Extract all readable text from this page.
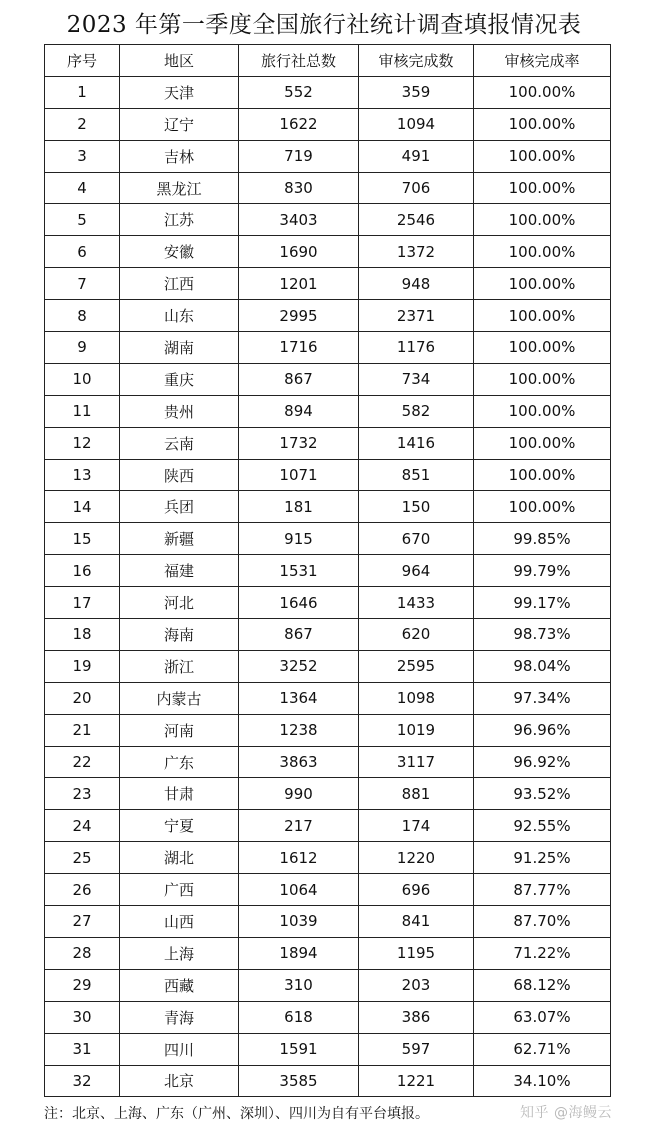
2023 年第一季度全国旅行社统计调查填报情况表
序号	地区	旅行社总数	审核完成数	审核完成率
1	天津	552	359	100.00%
2	辽宁	1622	1094	100.00%
3	吉林	719	491	100.00%
4	黑龙江	830	706	100.00%
5	江苏	3403	2546	100.00%
6	安徽	1690	1372	100.00%
7	江西	1201	948	100.00%
8	山东	2995	2371	100.00%
9	湖南	1716	1176	100.00%
10	重庆	867	734	100.00%
11	贵州	894	582	100.00%
12	云南	1732	1416	100.00%
13	陕西	1071	851	100.00%
14	兵团	181	150	100.00%
15	新疆	915	670	99.85%
16	福建	1531	964	99.79%
17	河北	1646	1433	99.17%
18	海南	867	620	98.73%
19	浙江	3252	2595	98.04%
20	内蒙古	1364	1098	97.34%
21	河南	1238	1019	96.96%
22	广东	3863	3117	96.92%
23	甘肃	990	881	93.52%
24	宁夏	217	174	92.55%
25	湖北	1612	1220	91.25%
26	广西	1064	696	87.77%
27	山西	1039	841	87.70%
28	上海	1894	1195	71.22%
29	西藏	310	203	68.12%
30	青海	618	386	63.07%
31	四川	1591	597	62.71%
32	北京	3585	1221	34.10%
注：北京、上海、广东（广州、深圳）、四川为自有平台填报。	知乎 @海鳗云
